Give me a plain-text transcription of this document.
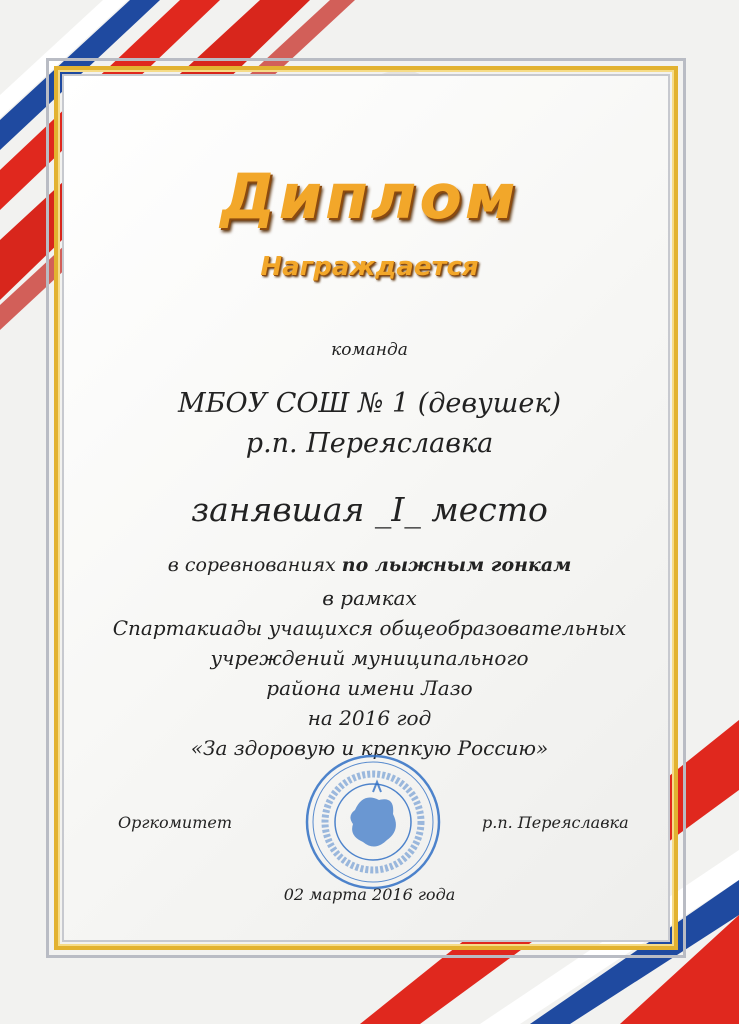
Диплом
Награждается
команда
МБОУ СОШ № 1 (девушек)
р.п. Переяславка
занявшая _I_ место
в соревнованиях по лыжным гонкам
в рамках
Спартакиады учащихся общеобразовательных
учреждений муниципального
района имени Лазо
на 2016 год
«За здоровую и крепкую Россию»
Оргкомитет	р.п. Переяславка
02 марта 2016 года
